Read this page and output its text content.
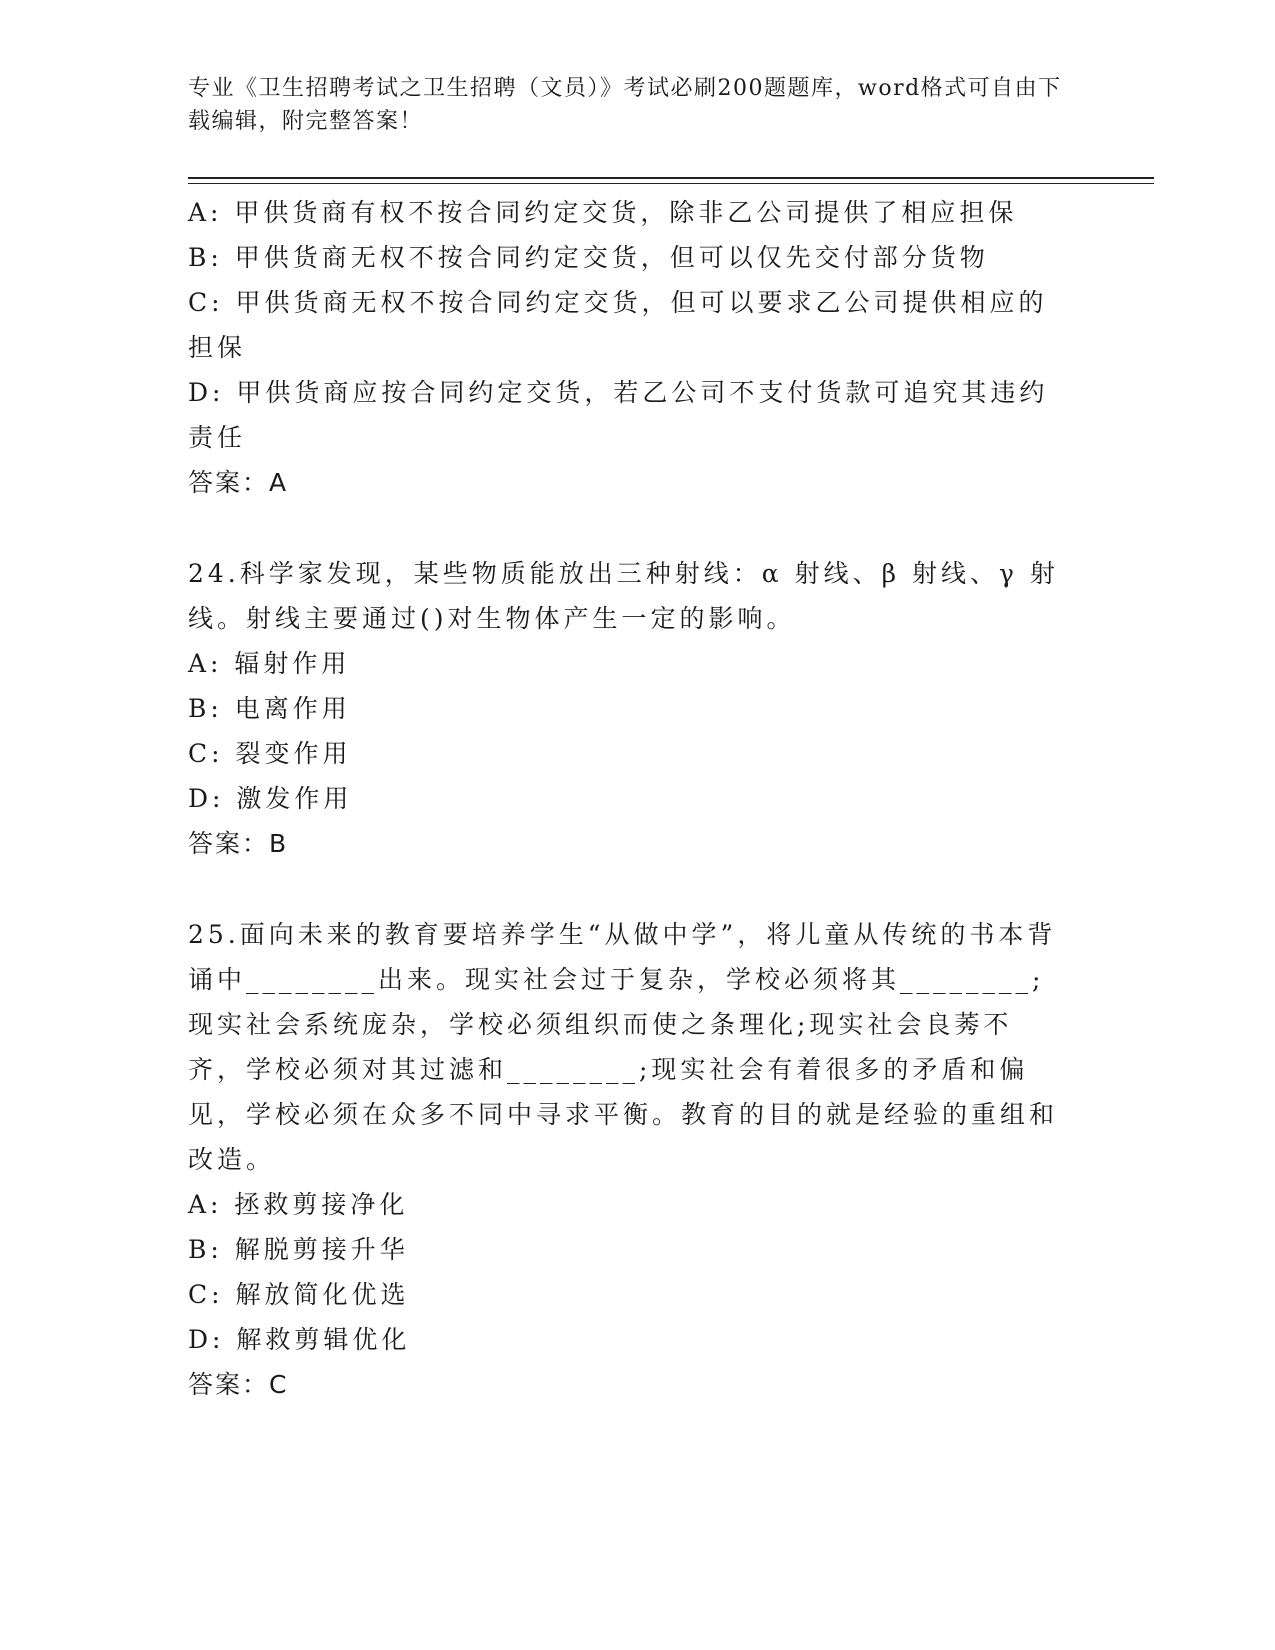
专业《卫生招聘考试之卫生招聘（文员）》考试必刷200题题库，word格式可自由下载编辑，附完整答案！

A: 甲供货商有权不按合同约定交货，除非乙公司提供了相应担保

B: 甲供货商无权不按合同约定交货，但可以仅先交付部分货物

C: 甲供货商无权不按合同约定交货，但可以要求乙公司提供相应的担保

D: 甲供货商应按合同约定交货，若乙公司不支付货款可追究其违约责任

答案：A

24.科学家发现，某些物质能放出三种射线：α 射线、β 射线、γ 射线。射线主要通过()对生物体产生一定的影响。

A: 辐射作用

B: 电离作用

C: 裂变作用

D: 激发作用

答案：B

25.面向未来的教育要培养学生“从做中学”，将儿童从传统的书本背诵中________出来。现实社会过于复杂，学校必须将其________;现实社会系统庞杂，学校必须组织而使之条理化;现实社会良莠不齐，学校必须对其过滤和________;现实社会有着很多的矛盾和偏见，学校必须在众多不同中寻求平衡。教育的目的就是经验的重组和改造。

A: 拯救剪接净化

B: 解脱剪接升华

C: 解放简化优选

D: 解救剪辑优化

答案：C
